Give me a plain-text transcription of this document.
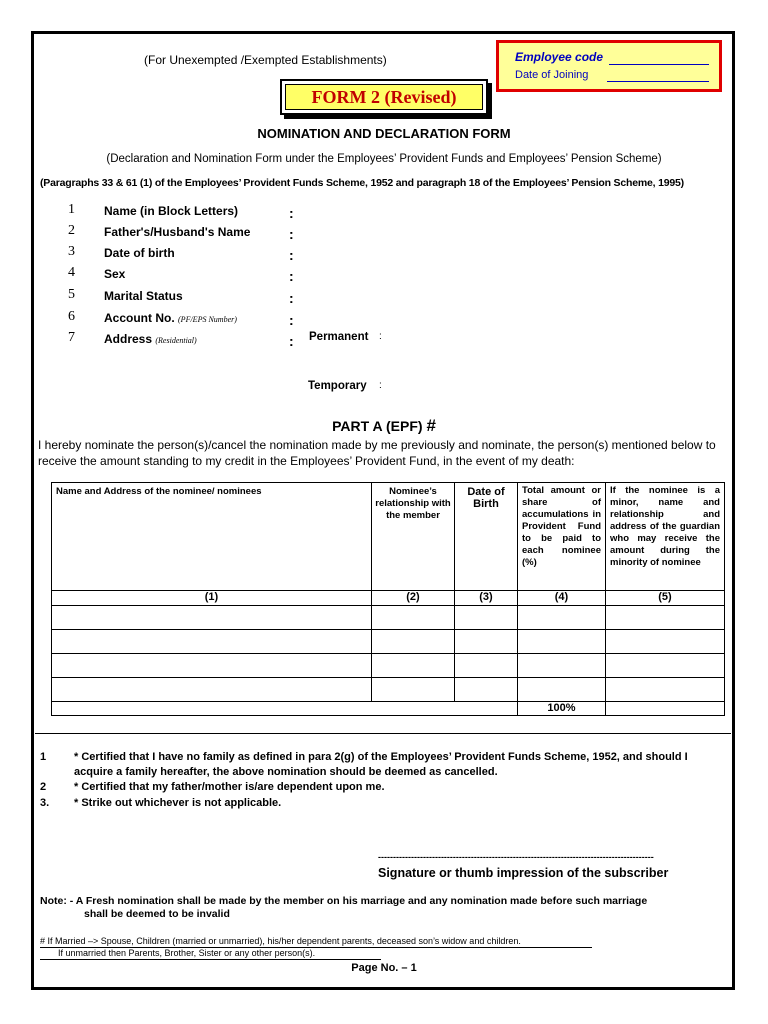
(For Unexempted /Exempted Establishments)
FORM 2 (Revised)
Employee code
Date of Joining
NOMINATION AND DECLARATION FORM
(Declaration and Nomination Form under the Employees’ Provident Funds and Employees’ Pension Scheme)
(Paragraphs 33 & 61 (1) of the Employees’ Provident Funds Scheme, 1952 and paragraph 18 of the Employees’ Pension Scheme, 1995)
1 Name (in Block Letters)	:
2 Father's/Husband's Name	:
3 Date of birth	:
4 Sex	:
5 Marital Status	:
6 Account No. (PF/EPS Number)	:
7 Address (Residential)	: Permanent :
Temporary :
PART A (EPF) #
I hereby nominate the person(s)/cancel the nomination made by me previously and nominate, the person(s) mentioned below to receive the amount standing to my credit in the Employees’ Provident Fund, in the event of my death:
Name and Address of the nominee/ nominees	Nominee’s relationship with the member	Date of Birth	Total amount or share of accumulations in Provident Fund to be paid to each nominee (%)	If the nominee is a minor, name and relationship and address of the guardian who may receive the amount during the minority of nominee
(1)	(2)	(3)	(4)	(5)

			100%	
1	* Certified that I have no family as defined in para 2(g) of the Employees’ Provident Funds Scheme, 1952, and should I acquire a family hereafter, the above nomination should be deemed as cancelled.
2	* Certified that my father/mother is/are dependent upon me.
3. * Strike out whichever is not applicable.
--------------------------------------------------------------------------------------------
Signature or thumb impression of the subscriber
Note: - A Fresh nomination shall be made by the member on his marriage and any nomination made before such marriage
shall be deemed to be invalid
# If Married –> Spouse, Children (married or unmarried), his/her dependent parents, deceased son’s widow and children.
If unmarried then Parents, Brother, Sister or any other person(s).
Page No. – 1
